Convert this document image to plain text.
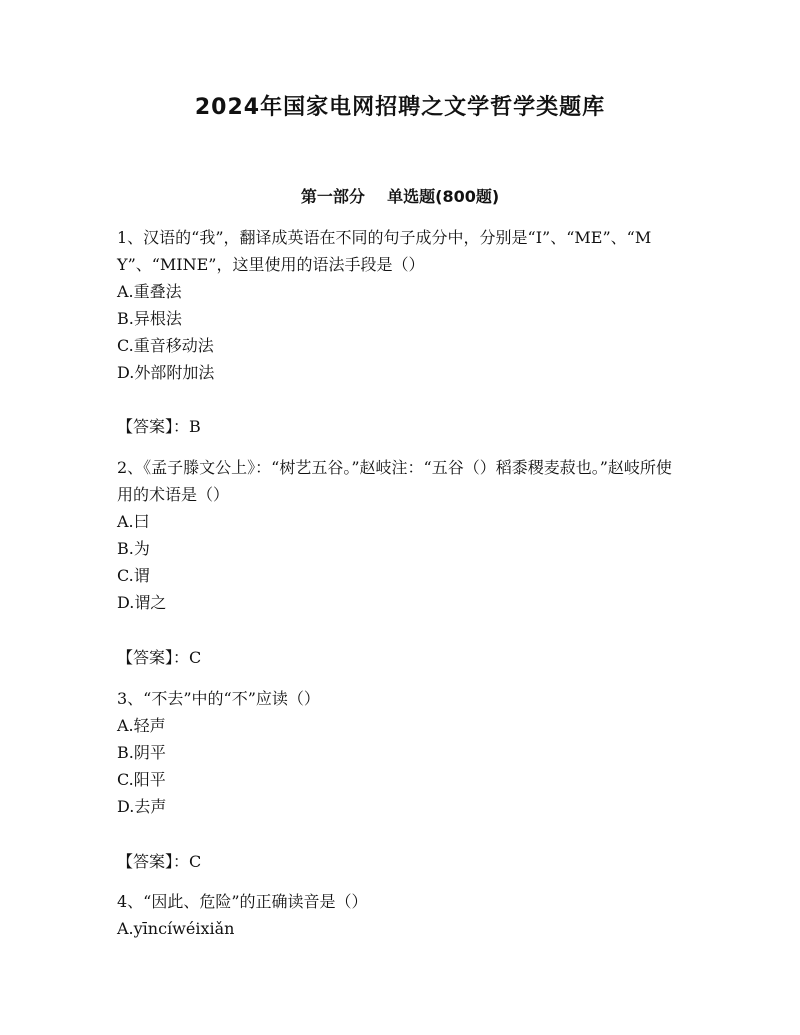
2024年国家电网招聘之文学哲学类题库
第一部分    单选题(800题)

1、汉语的“我”，翻译成英语在不同的句子成分中，分别是“I”、“ME”、“MY”、“MINE”，这里使用的语法手段是（）

A.重叠法

B.异根法

C.重音移动法

D.外部附加法

【答案】：B

2、《孟子滕文公上》：“树艺五谷。”赵岐注：“五谷（）稻黍稷麦菽也。”赵岐所使用的术语是（）

A.曰

B.为

C.谓

D.谓之

【答案】：C

3、“不去”中的“不”应读（）

A.轻声

B.阴平

C.阳平

D.去声

【答案】：C

4、“因此、危险”的正确读音是（）

A.yīncíwéixiǎn
